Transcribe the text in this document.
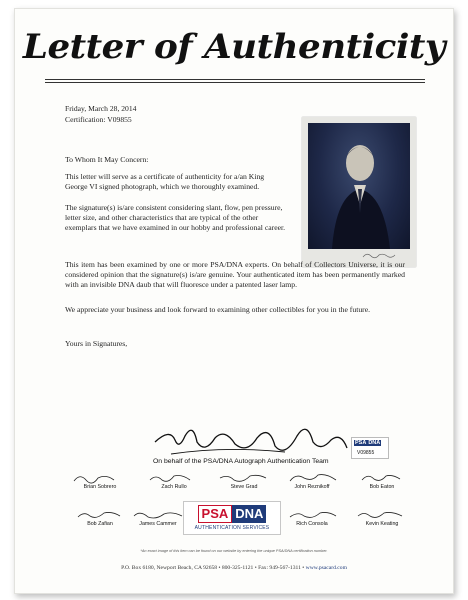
Letter of Authenticity
Friday, March 28, 2014
Certification: V09855
To Whom It May Concern:
This letter will serve as a certificate of authenticity for a/an King George VI signed photograph, which we thoroughly examined.
The signature(s) is/are consistent considering slant, flow, pen pressure, letter size, and other characteristics that are typical of the other exemplars that we have examined in our hobby and professional career.
This item has been examined by one or more PSA/DNA experts. On behalf of Collectors Universe, it is our considered opinion that the signature(s) is/are genuine. Your authenticated item has been permanently marked with an invisible DNA daub that will fluoresce under a patented laser lamp.
We appreciate your business and look forward to examining other collectibles for you in the future.
Yours in Signatures,
On behalf of the PSA/DNA Autograph Authentication Team
PSA DNA
V09855
Brian Sobrero	Zach Rullo	Steve Grad	John Reznikoff	Bob Eaton
Bob Zafian	James Cammer	Rich Consola	Kevin Keating
PSA DNA
AUTHENTICATION SERVICES
*An exact image of this item can be found on our website by entering the unique PSA/DNA certification number.
P.O. Box 6180, Newport Beach, CA 92658 • 800-325-1121 • Fax: 949-567-1311 • www.psacard.com
